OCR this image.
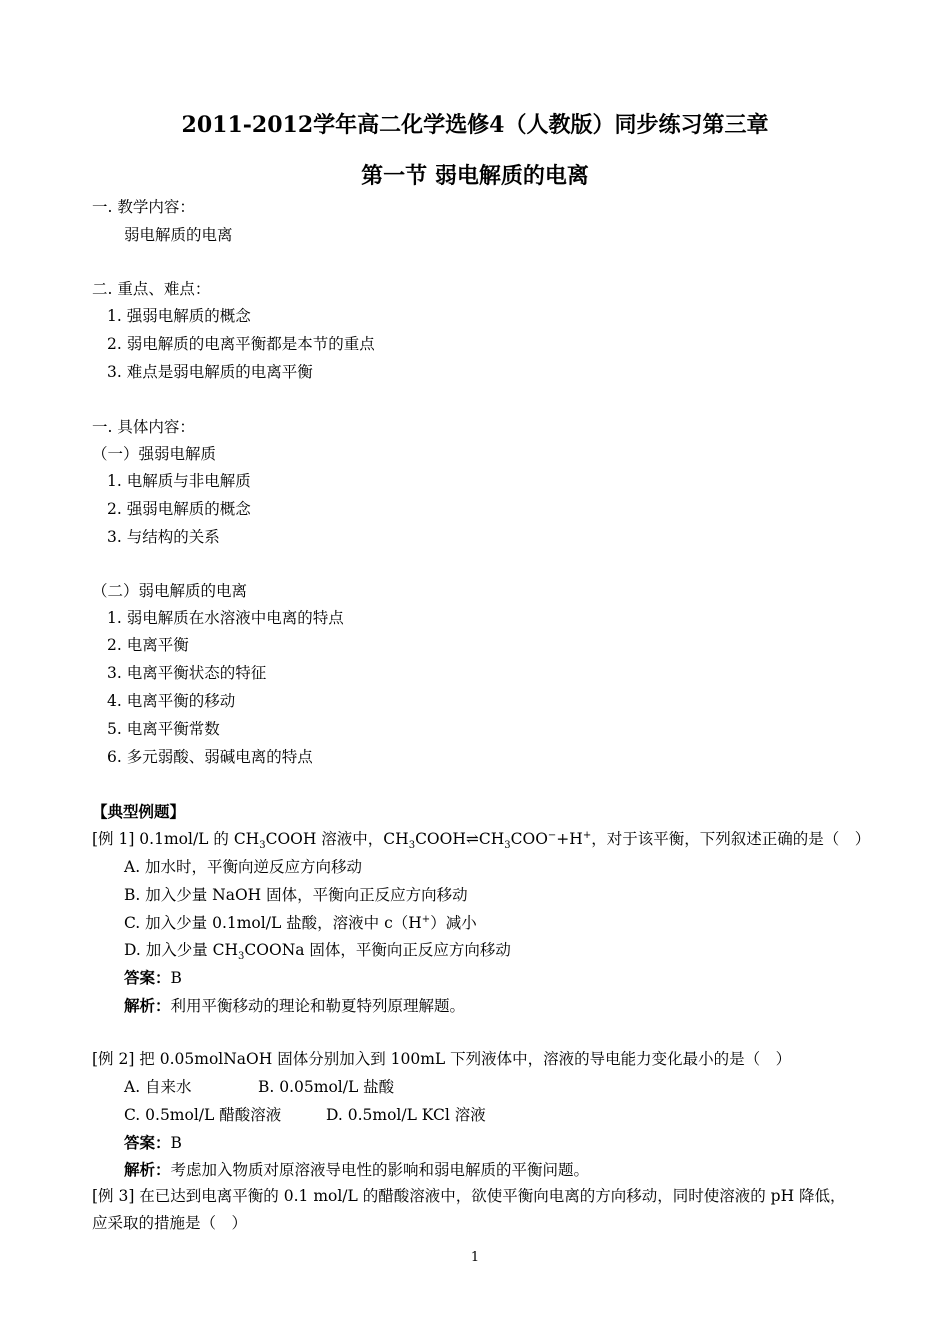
2011-2012学年高二化学选修4（人教版）同步练习第三章
第一节 弱电解质的电离
一. 教学内容：
弱电解质的电离
二. 重点、难点：
1. 强弱电解质的概念
2. 弱电解质的电离平衡都是本节的重点
3. 难点是弱电解质的电离平衡
一. 具体内容：
（一）强弱电解质
1. 电解质与非电解质
2. 强弱电解质的概念
3. 与结构的关系
（二）弱电解质的电离
1. 弱电解质在水溶液中电离的特点
2. 电离平衡
3. 电离平衡状态的特征
4. 电离平衡的移动
5. 电离平衡常数
6. 多元弱酸、弱碱电离的特点
【典型例题】
[例 1] 0.1mol/L 的 $CH_3COOH$ 溶液中，$CH_3COOH\rightleftharpoons CH_3COO^-+H^+$，对于该平衡，下列叙述正确的是（　）
A. 加水时，平衡向逆反应方向移动
B. 加入少量 NaOH 固体，平衡向正反应方向移动
C. 加入少量 0.1mol/L 盐酸，溶液中 c（H+）减小
D. 加入少量 $CH_3COONa$ 固体，平衡向正反应方向移动
答案：B
解析：利用平衡移动的理论和勒夏特列原理解题。
[例 2] 把 0.05molNaOH 固体分别加入到 100mL 下列液体中，溶液的导电能力变化最小的是（　）
A. 自来水	B. 0.05mol/L 盐酸
C. 0.5mol/L 醋酸溶液	D. 0.5mol/L KCl 溶液
答案：B
解析：考虑加入物质对原溶液导电性的影响和弱电解质的平衡问题。
[例 3] 在已达到电离平衡的 0.1 mol/L 的醋酸溶液中，欲使平衡向电离的方向移动，同时使溶液的 pH 降低，
应采取的措施是（　）
1
